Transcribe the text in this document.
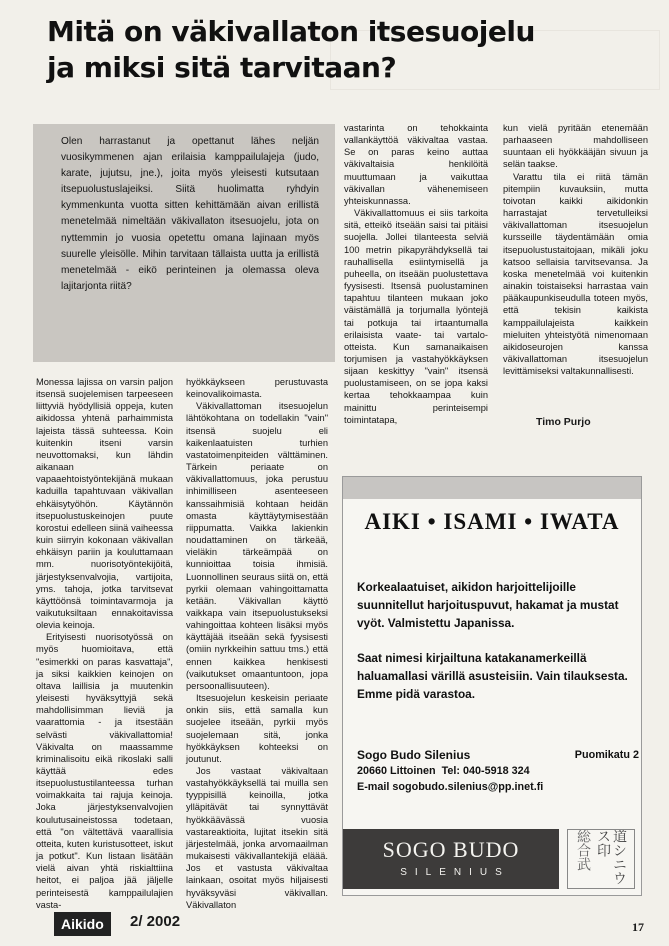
Mitä on väkivallaton itsesuojelu
ja miksi sitä tarvitaan?

Olen harrastanut ja opettanut lähes neljän vuosikymmenen ajan erilaisia kamppailulajeja (judo, karate, jujutsu, jne.), joita myös yleisesti kutsutaan itsepuolustuslajeiksi. Siitä huolimatta ryhdyin kymmenkunta vuotta sitten kehittämään aivan erillistä menetelmää nimeltään väkivallaton itsesuojelu, jota on nyttemmin jo vuosia opetettu omana lajinaan myös suurelle yleisölle. Mihin tarvitaan tällaista uutta ja erillistä menetelmää - eikö perinteinen ja olemassa oleva lajitarjonta riitä?

Monessa lajissa on varsin paljon itsensä suojelemisen tarpeeseen liittyviä hyödyllisiä oppeja, kuten aikidossa yhtenä parhaimmista lajeista tässä suhteessa. Koin kuitenkin itseni varsin neuvottomaksi, kun lähdin aikanaan vapaaehtoistyöntekijänä mukaan kaduilla tapahtuvaan väkivallan ehkäisytyöhön. Käytännön itsepuolustuskeinojen puute korostui edelleen siinä vaiheessa kuin siirryin kokonaan väkivallan ehkäisyn pariin ja kouluttamaan mm. nuorisotyöntekijöitä, järjestyksenvalvojia, vartijoita, yms. tahoja, jotka tarvitsevat käyttöönsä toimintavarmoja ja vaikutuksiltaan ennakoitavissa olevia keinoja.

Erityisesti nuorisotyössä on myös huomioitava, että "esimerkki on paras kasvattaja", ja siksi kaikkien keinojen on oltava laillisia ja muutenkin yleisesti hyväksyttyjä sekä mahdollisimman lieviä ja vaarattomia - ja itsestään selvästi väkivallattomia! Väkivalta on maassamme kriminalisoitu eikä rikoslaki salli käyttää edes itsepuolustustilanteessa turhan voimakkaita tai rajuja keinoja. Joka järjestyksenvalvojien koulutusaineistossa todetaan, että "on vältettävä vaarallisia otteita, kuten kuristusotteet, iskut ja potkut". Kun listaan lisätään vielä aivan yhtä riskialttiina heitot, ei paljoa jää jäljelle perinteisestä kamppailulajien vasta-

hyökkäykseen perustuvasta keinovalikoimasta.

Väkivallattoman itsesuojelun lähtökohtana on todellakin "vain" itsensä suojelu eli kaikenlaatuisten turhien vastatoimenpiteiden välttäminen. Tärkein periaate on väkivallattomuus, joka perustuu inhimilliseen asenteeseen kanssaihmisiä kohtaan heidän omasta käyttäytymisestään riippumatta. Vaikka lakienkin noudattaminen on tärkeää, vieläkin tärkeämpää on kunnioittaa toisia ihmisiä. Luonnollinen seuraus siitä on, että pyrkii olemaan vahingoittamatta ketään. Väkivallan käyttö vaikkapa vain itsepuolustukseksi vahingoittaa kohteen lisäksi myös käyttäjää itseään sekä fyysisesti (omiin nyrkkeihin sattuu tms.) että ennen kaikkea henkisesti (vaikutukset omaantuntoon, jopa persoonallisuuteen).

Itsesuojelun keskeisin periaate onkin siis, että samalla kun suojelee itseään, pyrkii myös suojelemaan sitä, jonka hyökkäyksen kohteeksi on joutunut.

Jos vastaat väkivaltaan vastahyökkäyksellä tai muilla sen tyyppisillä keinoilla, jotka ylläpitävät tai synnyttävät hyökkäävässä vuosia vastareaktioita, lujitat itsekin sitä järjestelmää, jonka arvomaailman mukaisesti väkivallantekijä eläää. Jos et vastusta väkivaltaa lainkaan, osoitat myös hiljaisesti hyväksyväsi väkivallan. Väkivallaton

vastarinta on tehokkainta vallankäyttöä väkivaltaa vastaa. Se on paras keino auttaa väkivaltaisia henkilöitä muuttumaan ja vaikuttaa väkivallan vähenemiseen yhteiskunnassa.

Väkivallattomuus ei siis tarkoita sitä, etteikö itseään saisi tai pitäisi suojella. Jollei tilanteesta selviä 100 metrin pikapyrähdyksellä tai rauhallisella esiintymisellä ja puheella, on itseään puolustettava fyysisesti. Itsensä puolustaminen tapahtuu tilanteen mukaan joko väistämällä ja torjumalla lyöntejä tai potkuja tai irtaantumalla erilaisista vaate- tai vartalo-otteista. Kun samanaikaisen torjumisen ja vastahyökkäyksen sijaan keskittyy "vain" itsensä puolustamiseen, on se jopa kaksi kertaa tehokkaampaa kuin mainittu perinteisempi toimintatapa,

kun vielä pyritään etenemään parhaaseen mahdolliseen suuntaan eli hyökkääjän sivuun ja selän taakse.

Varattu tila ei riitä tämän pitempiin kuvauksiin, mutta toivotan kaikki aikidonkin harrastajat tervetulleiksi väkivallattoman itsesuojelun kursseille täydentämään omia itsepuolustustaitojaan, mikäli joku katsoo sellaisia tarvitsevansa. Ja koska menetelmää voi kuitenkin ainakin toistaiseksi harrastaa vain pääkaupunkiseudulla toteen myös, että tekisin kaikista kamppailulajeista kaikkein mieluiten yhteistyötä nimenomaan aikidoseurojen kanssa väkivallattoman itsesuojelun levittämiseksi valtakunnallisesti.

Timo Purjo
AIKI • ISAMI • IWATA

Korkealaatuiset, aikidon harjoittelijoille suunnitellut harjoituspuvut, hakamat ja mustat vyöt. Valmistettu Japanissa.

Saat nimesi kirjailtuna katakanamerkeillä haluamallasi värillä asusteisiin. Vain tilauksesta. Emme pidä varastoa.

Sogo Budo Silenius	Puomikatu 2
20660 Littoinen Tel: 040-5918 324
E-mail sogobudo.silenius@pp.inet.fi
SOGO BUDO
SILENIUS
総合武	道シニウス印
Aikido	2/ 2002	17
